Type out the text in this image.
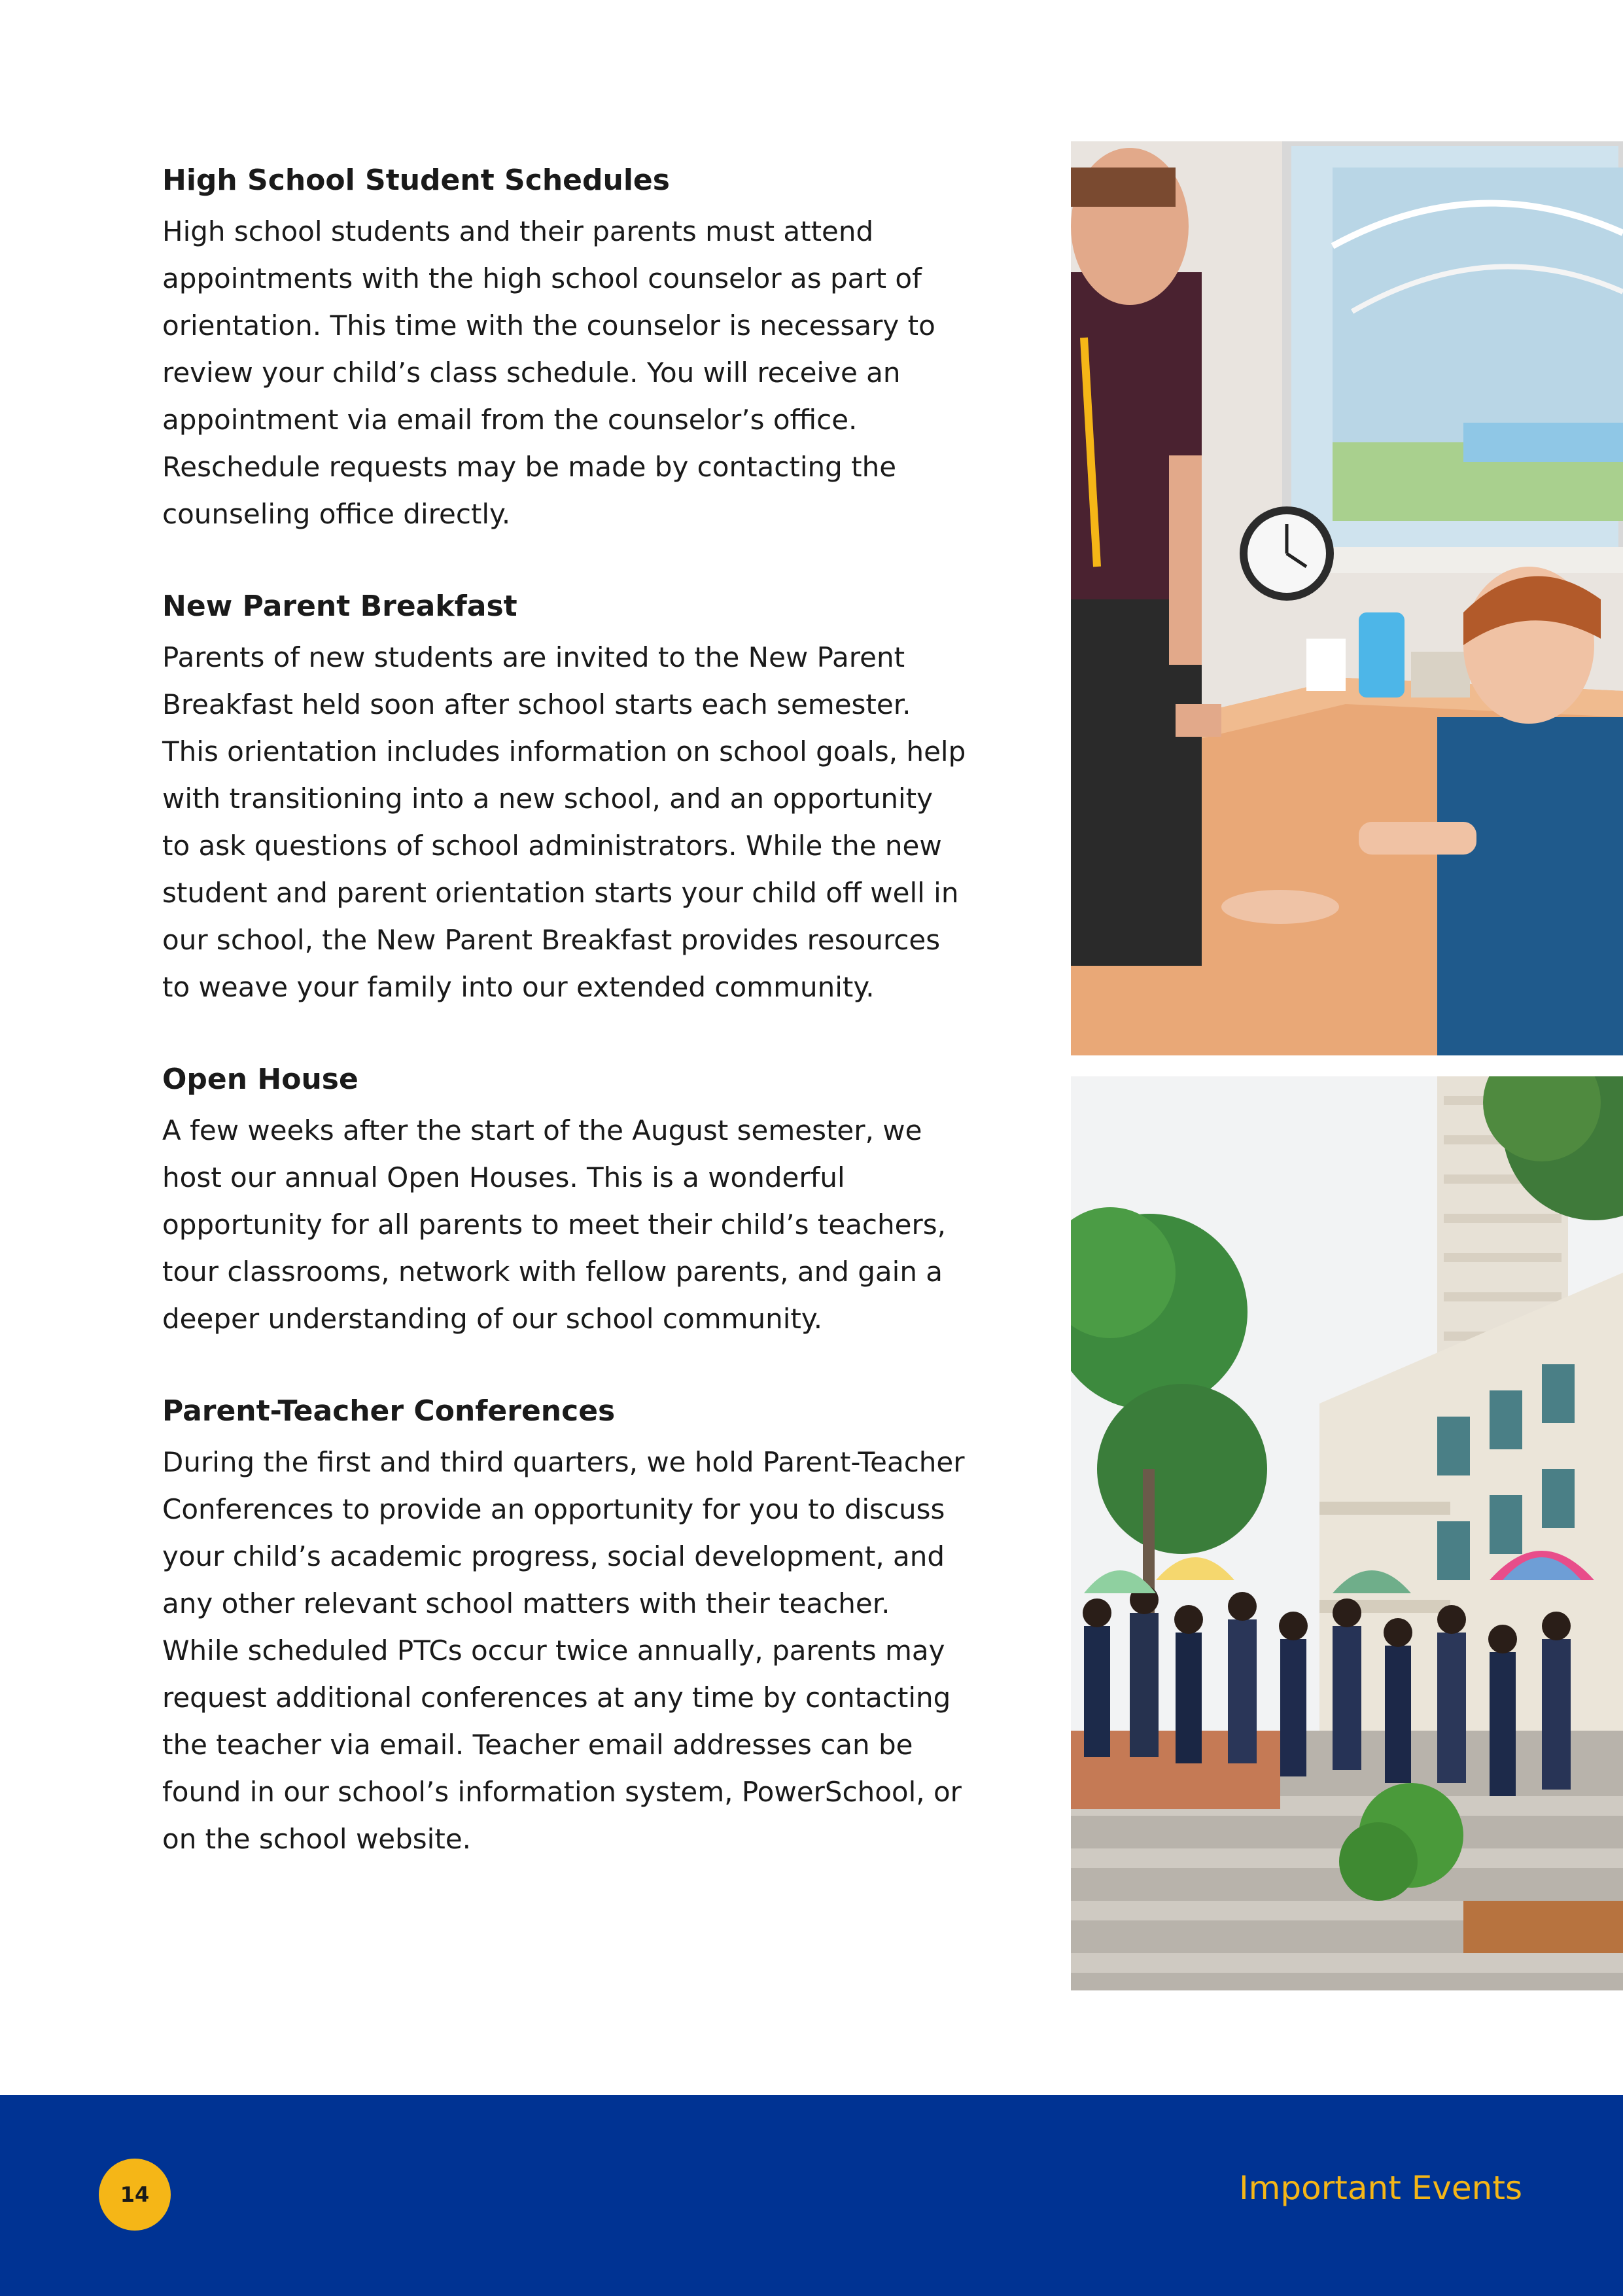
High School Student Schedules

High school students and their parents must attend appointments with the high school counselor as part of orientation. This time with the counselor is necessary to review your child’s class schedule. You will receive an appointment via email from the counselor’s office. Reschedule requests may be made by contacting the counseling office directly.

New Parent Breakfast

Parents of new students are invited to the New Parent Breakfast held soon after school starts each semester. This orientation includes information on school goals, help with transitioning into a new school, and an opportunity to ask questions of school administrators. While the new student and parent orientation starts your child off well in our school, the New Parent Breakfast provides resources to weave your family into our extended community.

Open House

A few weeks after the start of the August semester, we host our annual Open Houses. This is a wonderful opportunity for all parents to meet their child’s teachers, tour classrooms, network with fellow parents, and gain a deeper understanding of our school community.

Parent-Teacher Conferences

During the first and third quarters, we hold Parent-Teacher Conferences to provide an opportunity for you to discuss your child’s academic progress, social development, and any other relevant school matters with their teacher. While scheduled PTCs occur twice annually, parents may request additional conferences at any time by contacting the teacher via email. Teacher email addresses can be found in our school’s information system, PowerSchool, or on the school website.

14	Important Events
